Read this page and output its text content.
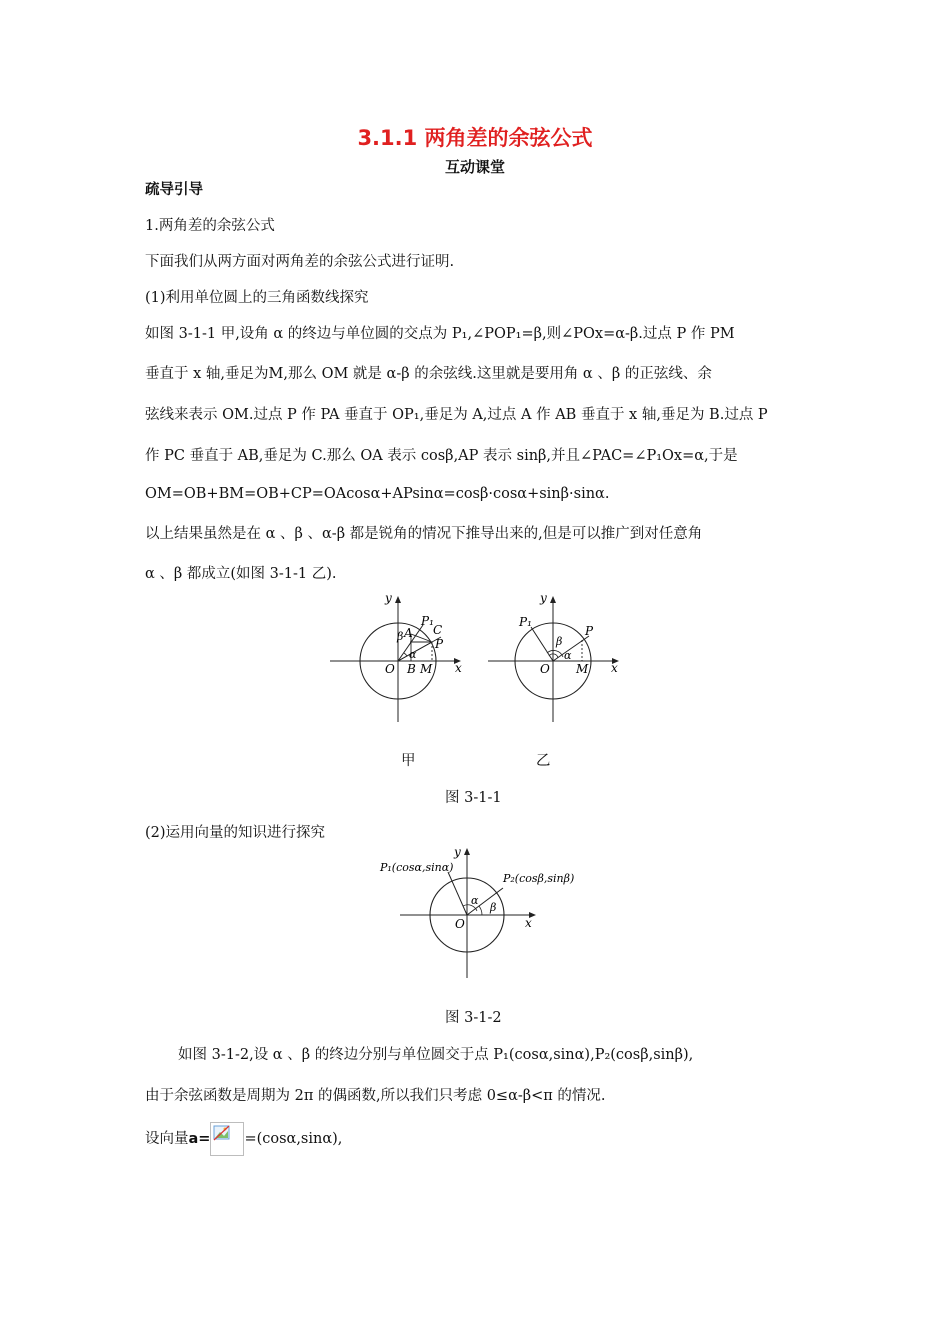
3.1.1 两角差的余弦公式
互动课堂
疏导引导
1.两角差的余弦公式
下面我们从两方面对两角差的余弦公式进行证明.
(1)利用单位圆上的三角函数线探究
如图 3-1-1 甲,设角 α 的终边与单位圆的交点为 P₁,∠POP₁=β,则∠POx=α-β.过点 P 作 PM
垂直于 x 轴,垂足为M,那么 OM 就是 α-β 的余弦线.这里就是要用角 α 、β 的正弦线、余
弦线来表示 OM.过点 P 作 PA 垂直于 OP₁,垂足为 A,过点 A 作 AB 垂直于 x 轴,垂足为 B.过点 P
作 PC 垂直于 AB,垂足为 C.那么 OA 表示 cosβ,AP 表示 sinβ,并且∠PAC=∠P₁Ox=α,于是
OM=OB+BM=OB+CP=OAcosα+APsinα=cosβ·cosα+sinβ·sinα.
以上结果虽然是在 α 、β 、α-β 都是锐角的情况下推导出来的,但是可以推广到对任意角
α 、β 都成立(如图 3-1-1 乙).
y
x
O
A
B M
C
P
P₁
β
α
y
x
O M
P
P₁
β
α
甲	乙
图 3-1-1
(2)运用向量的知识进行探究
y
x
O
P₁(cosα,sinα)
P₂(cosβ,sinβ)
α
β
图 3-1-2
如图 3-1-2,设 α 、β 的终边分别与单位圆交于点 P₁(cosα,sinα),P₂(cosβ,sinβ),
由于余弦函数是周期为 2π 的偶函数,所以我们只考虑 0≤α-β<π 的情况.
设向量a= =(cosα,sinα),
